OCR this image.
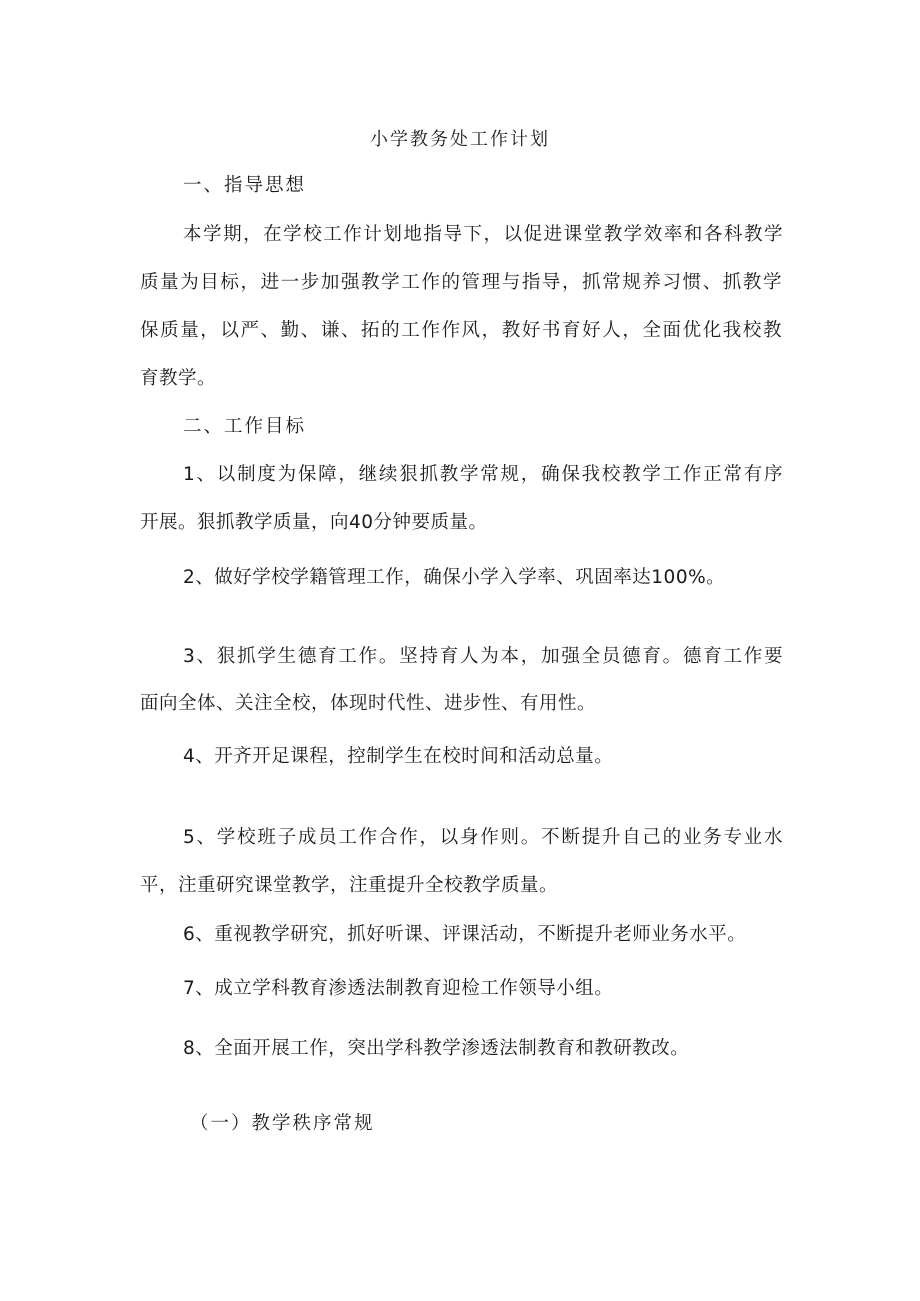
小学教务处工作计划
一、指导思想
本学期，在学校工作计划地指导下，以促进课堂教学效率和各科教学
质量为目标，进一步加强教学工作的管理与指导，抓常规养习惯、抓教学
保质量，以严、勤、谦、拓的工作作风，教好书育好人，全面优化我校教
育教学。
二、工作目标
1、以制度为保障，继续狠抓教学常规，确保我校教学工作正常有序
开展。狠抓教学质量，向40分钟要质量。
2、做好学校学籍管理工作，确保小学入学率、巩固率达100%。
3、狠抓学生德育工作。坚持育人为本，加强全员德育。德育工作要
面向全体、关注全校，体现时代性、进步性、有用性。
4、开齐开足课程，控制学生在校时间和活动总量。
5、学校班子成员工作合作，以身作则。不断提升自己的业务专业水
平，注重研究课堂教学，注重提升全校教学质量。
6、重视教学研究，抓好听课、评课活动，不断提升老师业务水平。
7、成立学科教育渗透法制教育迎检工作领导小组。
8、全面开展工作，突出学科教学渗透法制教育和教研教改。
（一）教学秩序常规
